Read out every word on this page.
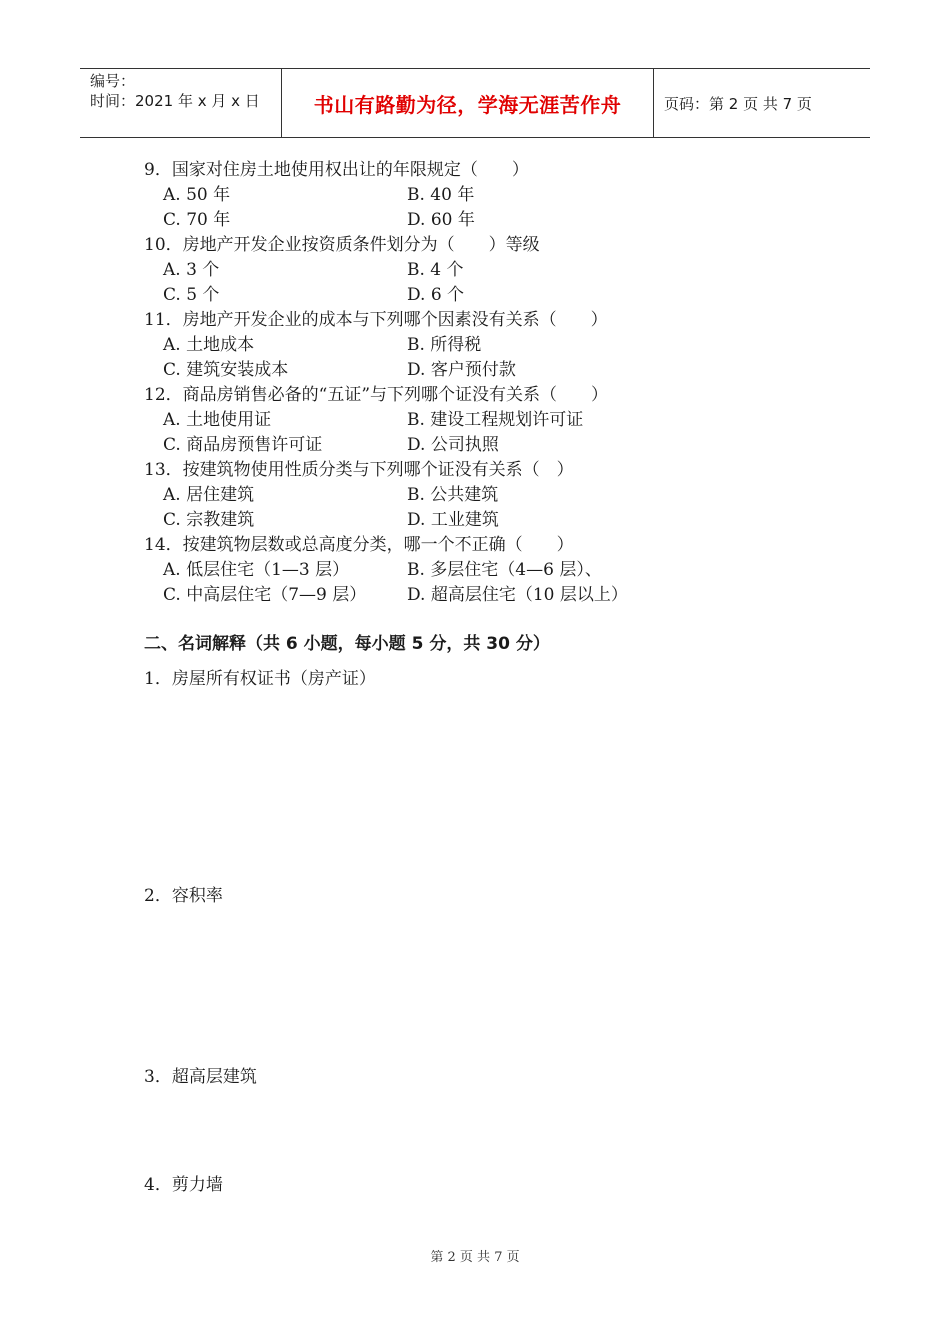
编号：
时间：2021 年 x 月 x 日	书山有路勤为径，学海无涯苦作舟	页码：第 2 页 共 7 页
9．国家对住房土地使用权出让的年限规定（　　）
A. 50 年	B. 40 年
C. 70 年	D. 60 年
10．房地产开发企业按资质条件划分为（　　）等级
A. 3 个	B. 4 个
C. 5 个	D. 6 个
11．房地产开发企业的成本与下列哪个因素没有关系（　　）
A. 土地成本	B. 所得税
C. 建筑安装成本	D. 客户预付款
12．商品房销售必备的“五证”与下列哪个证没有关系（　　）
A. 土地使用证	B. 建设工程规划许可证
C. 商品房预售许可证	D. 公司执照
13．按建筑物使用性质分类与下列哪个证没有关系（　）
A. 居住建筑	B. 公共建筑
C. 宗教建筑	D. 工业建筑
14．按建筑物层数或总高度分类，哪一个不正确（　　）
A. 低层住宅（1—3 层）	B. 多层住宅（4—6 层）、
C. 中高层住宅（7—9 层）	D. 超高层住宅（10 层以上）
二、名词解释（共 6 小题，每小题 5 分，共 30 分）
1．房屋所有权证书（房产证）
2．容积率
3．超高层建筑
4．剪力墙
第 2 页 共 7 页
